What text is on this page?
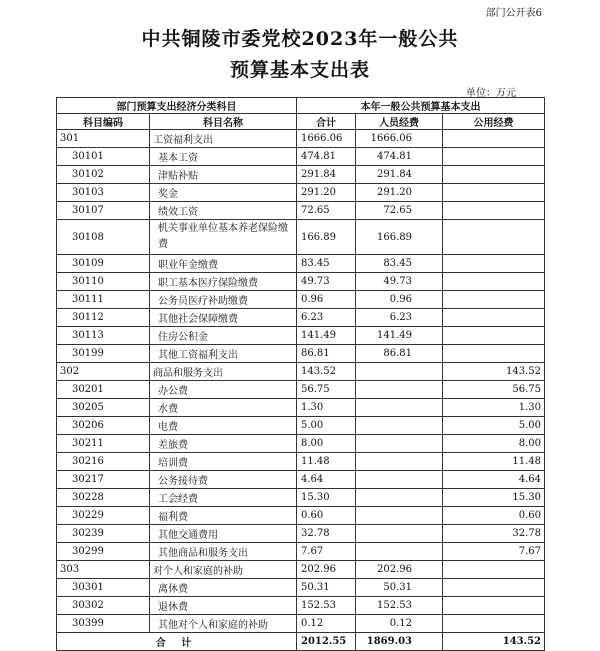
部门公开表6
中共铜陵市委党校2023年一般公共
预算基本支出表
单位：万元
部门预算支出经济分类科目		本年一般公共预算基本支出		
科目编码	科目名称	合计	人员经费	公用经费
301	工资福利支出	1666.06	1666.06	
30101	基本工资	474.81	474.81	
30102	津贴补贴	291.84	291.84	
30103	奖金	291.20	291.20	
30107	绩效工资	72.65	72.65	
30108	机关事业单位基本养老保险缴费	166.89	166.89	
30109	职业年金缴费	83.45	83.45	
30110	职工基本医疗保险缴费	49.73	49.73	
30111	公务员医疗补助缴费	0.96	0.96	
30112	其他社会保障缴费	6.23	6.23	
30113	住房公积金	141.49	141.49	
30199	其他工资福利支出	86.81	86.81	
302	商品和服务支出	143.52		143.52
30201	办公费	56.75		56.75
30205	水费	1.30		1.30
30206	电费	5.00		5.00
30211	差旅费	8.00		8.00
30216	培训费	11.48		11.48
30217	公务接待费	4.64		4.64
30228	工会经费	15.30		15.30
30229	福利费	0.60		0.60
30239	其他交通费用	32.78		32.78
30299	其他商品和服务支出	7.67		7.67
303	对个人和家庭的补助	202.96	202.96	
30301	离休费	50.31	50.31	
30302	退休费	152.53	152.53	
30399	其他对个人和家庭的补助	0.12	0.12	
合 计		2012.55	1869.03	143.52
